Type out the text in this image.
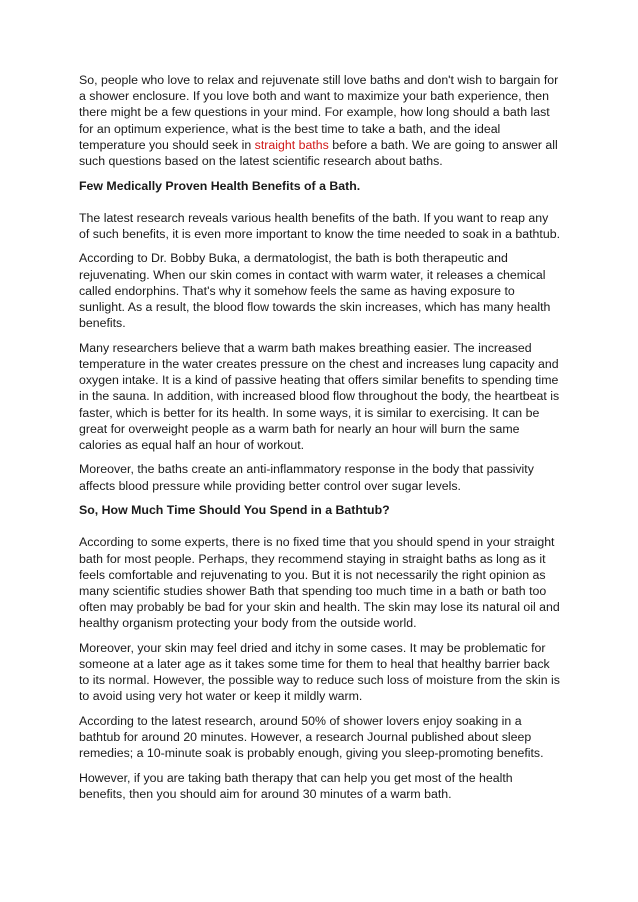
So, people who love to relax and rejuvenate still love baths and don't wish to bargain for a shower enclosure. If you love both and want to maximize your bath experience, then there might be a few questions in your mind. For example, how long should a bath last for an optimum experience, what is the best time to take a bath, and the ideal temperature you should seek in straight baths before a bath. We are going to answer all such questions based on the latest scientific research about baths.

Few Medically Proven Health Benefits of a Bath.

The latest research reveals various health benefits of the bath. If you want to reap any of such benefits, it is even more important to know the time needed to soak in a bathtub.

According to Dr. Bobby Buka, a dermatologist, the bath is both therapeutic and rejuvenating. When our skin comes in contact with warm water, it releases a chemical called endorphins. That's why it somehow feels the same as having exposure to sunlight. As a result, the blood flow towards the skin increases, which has many health benefits.

Many researchers believe that a warm bath makes breathing easier. The increased temperature in the water creates pressure on the chest and increases lung capacity and oxygen intake. It is a kind of passive heating that offers similar benefits to spending time in the sauna. In addition, with increased blood flow throughout the body, the heartbeat is faster, which is better for its health. In some ways, it is similar to exercising. It can be great for overweight people as a warm bath for nearly an hour will burn the same calories as equal half an hour of workout.

Moreover, the baths create an anti-inflammatory response in the body that passivity affects blood pressure while providing better control over sugar levels.

So, How Much Time Should You Spend in a Bathtub?

According to some experts, there is no fixed time that you should spend in your straight bath for most people. Perhaps, they recommend staying in straight baths as long as it feels comfortable and rejuvenating to you. But it is not necessarily the right opinion as many scientific studies shower Bath that spending too much time in a bath or bath too often may probably be bad for your skin and health. The skin may lose its natural oil and healthy organism protecting your body from the outside world.

Moreover, your skin may feel dried and itchy in some cases. It may be problematic for someone at a later age as it takes some time for them to heal that healthy barrier back to its normal. However, the possible way to reduce such loss of moisture from the skin is to avoid using very hot water or keep it mildly warm.

According to the latest research, around 50% of shower lovers enjoy soaking in a bathtub for around 20 minutes. However, a research Journal published about sleep remedies; a 10-minute soak is probably enough, giving you sleep-promoting benefits.

However, if you are taking bath therapy that can help you get most of the health benefits, then you should aim for around 30 minutes of a warm bath.
